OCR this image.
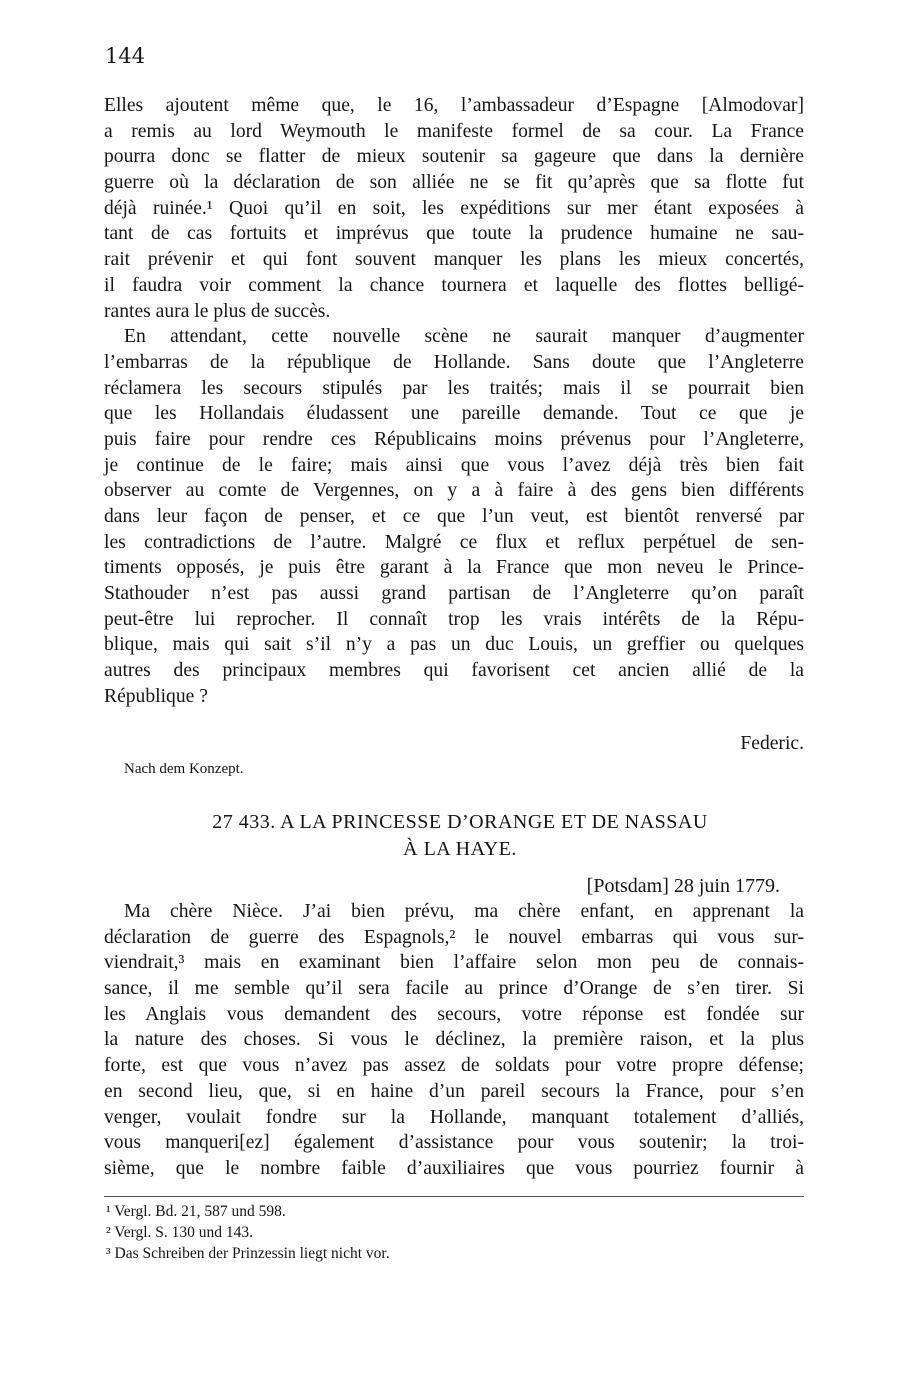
144
Elles ajoutent même que, le 16, l’ambassadeur d’Espagne [Almodovar]
a remis au lord Weymouth le manifeste formel de sa cour. La France
pourra donc se flatter de mieux soutenir sa gageure que dans la dernière
guerre où la déclaration de son alliée ne se fit qu’après que sa flotte fut
déjà ruinée.¹ Quoi qu’il en soit, les expéditions sur mer étant exposées à
tant de cas fortuits et imprévus que toute la prudence humaine ne sau-
rait prévenir et qui font souvent manquer les plans les mieux concertés,
il faudra voir comment la chance tournera et laquelle des flottes belligé-
rantes aura le plus de succès.
En attendant, cette nouvelle scène ne saurait manquer d’augmenter
l’embarras de la république de Hollande. Sans doute que l’Angleterre
réclamera les secours stipulés par les traités; mais il se pourrait bien
que les Hollandais éludassent une pareille demande. Tout ce que je
puis faire pour rendre ces Républicains moins prévenus pour l’Angleterre,
je continue de le faire; mais ainsi que vous l’avez déjà très bien fait
observer au comte de Vergennes, on y a à faire à des gens bien différents
dans leur façon de penser, et ce que l’un veut, est bientôt renversé par
les contradictions de l’autre. Malgré ce flux et reflux perpétuel de sen-
timents opposés, je puis être garant à la France que mon neveu le Prince-
Stathouder n’est pas aussi grand partisan de l’Angleterre qu’on paraît
peut-être lui reprocher. Il connaît trop les vrais intérêts de la Répu-
blique, mais qui sait s’il n’y a pas un duc Louis, un greffier ou quelques
autres des principaux membres qui favorisent cet ancien allié de la
République ?
Federic.
Nach dem Konzept.
27 433. A LA PRINCESSE D’ORANGE ET DE NASSAU
À LA HAYE.
[Potsdam] 28 juin 1779.
Ma chère Nièce. J’ai bien prévu, ma chère enfant, en apprenant la
déclaration de guerre des Espagnols,² le nouvel embarras qui vous sur-
viendrait,³ mais en examinant bien l’affaire selon mon peu de connais-
sance, il me semble qu’il sera facile au prince d’Orange de s’en tirer. Si
les Anglais vous demandent des secours, votre réponse est fondée sur
la nature des choses. Si vous le déclinez, la première raison, et la plus
forte, est que vous n’avez pas assez de soldats pour votre propre défense;
en second lieu, que, si en haine d’un pareil secours la France, pour s’en
venger, voulait fondre sur la Hollande, manquant totalement d’alliés,
vous manqueri[ez] également d’assistance pour vous soutenir; la troi-
sième, que le nombre faible d’auxiliaires que vous pourriez fournir à
¹ Vergl. Bd. 21, 587 und 598.
² Vergl. S. 130 und 143.
³ Das Schreiben der Prinzessin liegt nicht vor.
